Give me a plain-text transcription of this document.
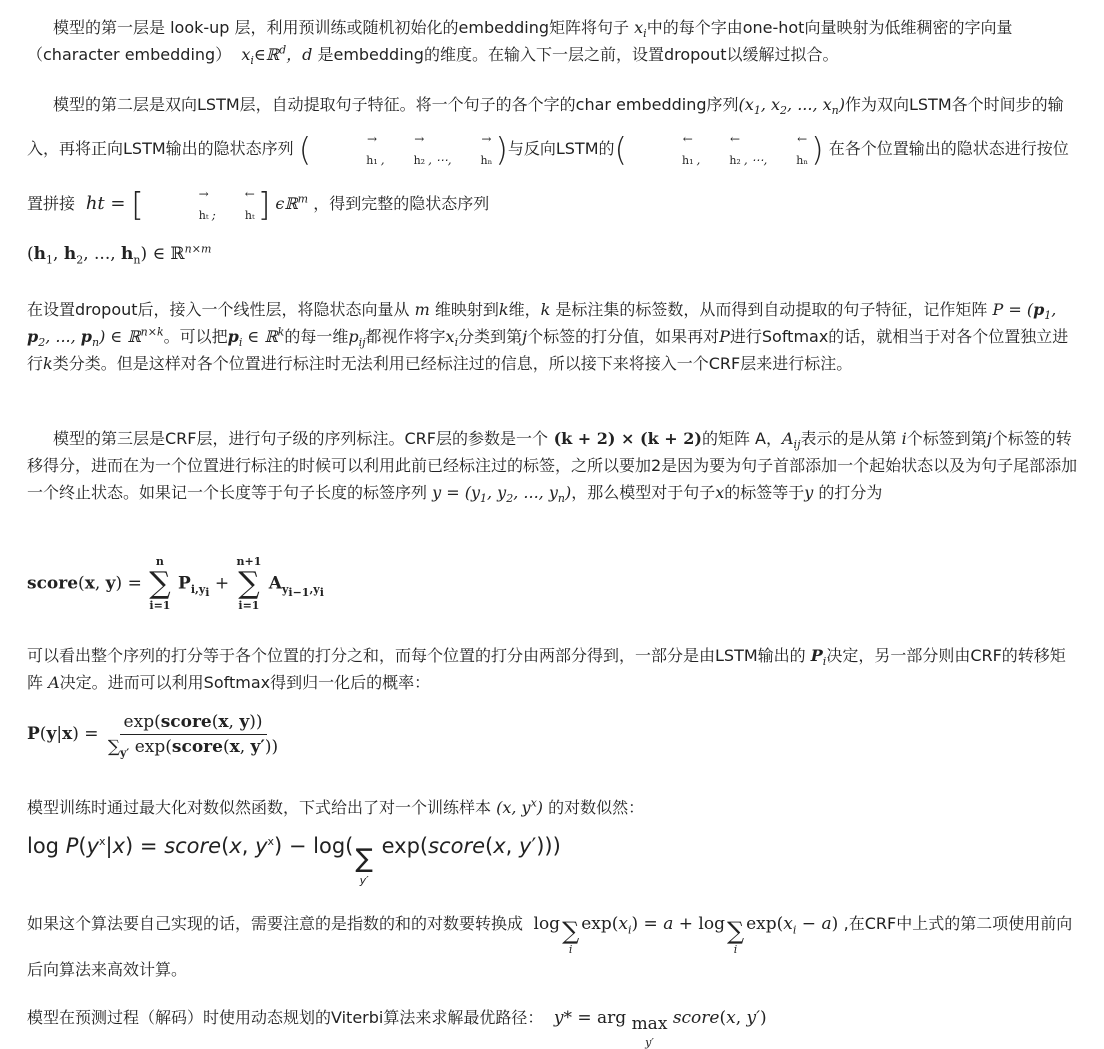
模型的第一层是 look-up 层，利用预训练或随机初始化的embedding矩阵将句子 $x_i$中的每个字由one-hot向量映射为低维稠密的字向量（character embedding）  $x_i\in ℝ^d$，d 是embedding的维度。在输入下一层之前，设置dropout以缓解过拟合。

模型的第二层是双向LSTM层，自动提取句子特征。将一个句子的各个字的char embedding序列($x_1$, $x_2$, ..., $x_n$)作为双向LSTM各个时间步的输入，再将正向LSTM输出的隐状态序列 (	→
h₁ ,→
h₂ , ⋯,→
hₙ )与反向LSTM的(	←
h₁ ,←
h₂ , ⋯,←
hₙ ) 在各个位置输出的隐状态进行按位置拼接  ht = [	→
hₜ ;←
hₜ ] ϵℝ$^m$ ，得到完整的隐状态序列

($h_1$, $h_2$, ..., $h_n$) ∈ ℝ$^{n\times m}$

在设置dropout后，接入一个线性层，将隐状态向量从 m 维映射到k维，k 是标注集的标签数，从而得到自动提取的句子特征，记作矩阵 $P = (p_1$, $p_2$, ..., $p_n$) ∈ ℝ$^{n\times k}$。可以把$p_i$ ∈ ℝ$^k$的每一维$p_{ij}$都视作将字$x_i$分类到第j个标签的打分值，如果再对P进行Softmax的话，就相当于对各个位置独立进行k类分类。但是这样对各个位置进行标注时无法利用已经标注过的信息，所以接下来将接入一个CRF层来进行标注。

模型的第三层是CRF层，进行句子级的序列标注。CRF层的参数是一个 (k + 2) × (k + 2)的矩阵 A，$A_{ij}$表示的是从第 i个标签到第j个标签的转移得分，进而在为一个位置进行标注的时候可以利用此前已经标注过的标签，之所以要加2是因为要为句子首部添加一个起始状态以及为句子尾部添加一个终止状态。如果记一个长度等于句子长度的标签序列 $y = (y_1$, $y_2$, ..., $y_n$)，那么模型对于句子x的标签等于y 的打分为

score(x, y) =
n
∑
i=1
$P_{i,y_i}$ +
n+1
∑
i=1
$A_{y_{i-1},y_i}$

可以看出整个序列的打分等于各个位置的打分之和，而每个位置的打分由两部分得到，一部分是由LSTM输出的 $P_i$决定，另一部分则由CRF的转移矩阵 A决定。进而可以利用Softmax得到归一化后的概率：

$P(y|x) = \frac{\text{exp(score(x, y))}}{\sum_{y'} \exp(score(x, y'))}$

模型训练时通过最大化对数似然函数，下式给出了对一个训练样本 (x, $y^x$) 的对数似然：

$\log P(y^x|x)$ = score(x, $y^x) - \log$( ∑
y′
exp(score(x, y′)))

如果这个算法要自己实现的话，需要注意的是指数的和的对数要转换成  log ∑
i
$\exp(x_i) = a + \log$ ∑
i
$\exp(x_i - a)$ ,在CRF中上式的第二项使用前向后向算法来高效计算。

模型在预测过程（解码）时使用动态规划的Viterbi算法来求解最优路径： y* = arg max
y′
score(x, y′)
